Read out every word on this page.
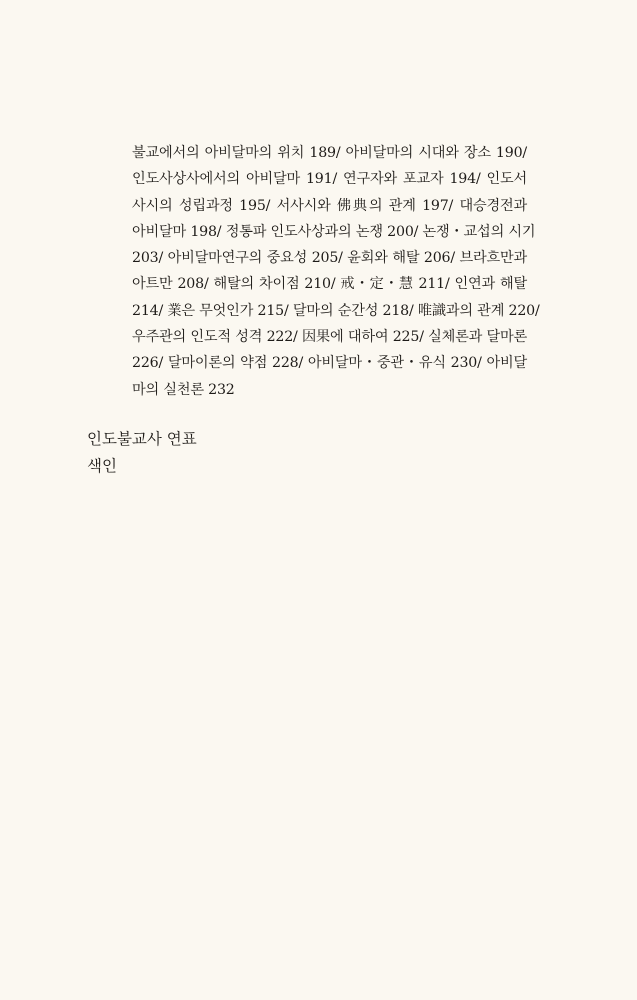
불교에서의 아비달마의 위치 189/ 아비달마의 시대와 장소 190/
인도사상사에서의 아비달마 191/ 연구자와 포교자 194/ 인도서
사시의 성립과정 195/ 서사시와 佛典의 관계 197/ 대승경전과
아비달마 198/ 정통파 인도사상과의 논쟁 200/ 논쟁・교섭의 시기
203/ 아비달마연구의 중요성 205/ 윤회와 해탈 206/ 브라흐만과
아트만 208/ 해탈의 차이점 210/ 戒・定・慧 211/ 인연과 해탈
214/ 業은 무엇인가 215/ 달마의 순간성 218/ 唯識과의 관계 220/
우주관의 인도적 성격 222/ 因果에 대하여 225/ 실체론과 달마론
226/ 달마이론의 약점 228/ 아비달마・중관・유식 230/ 아비달
마의 실천론 232
인도불교사 연표
색인
